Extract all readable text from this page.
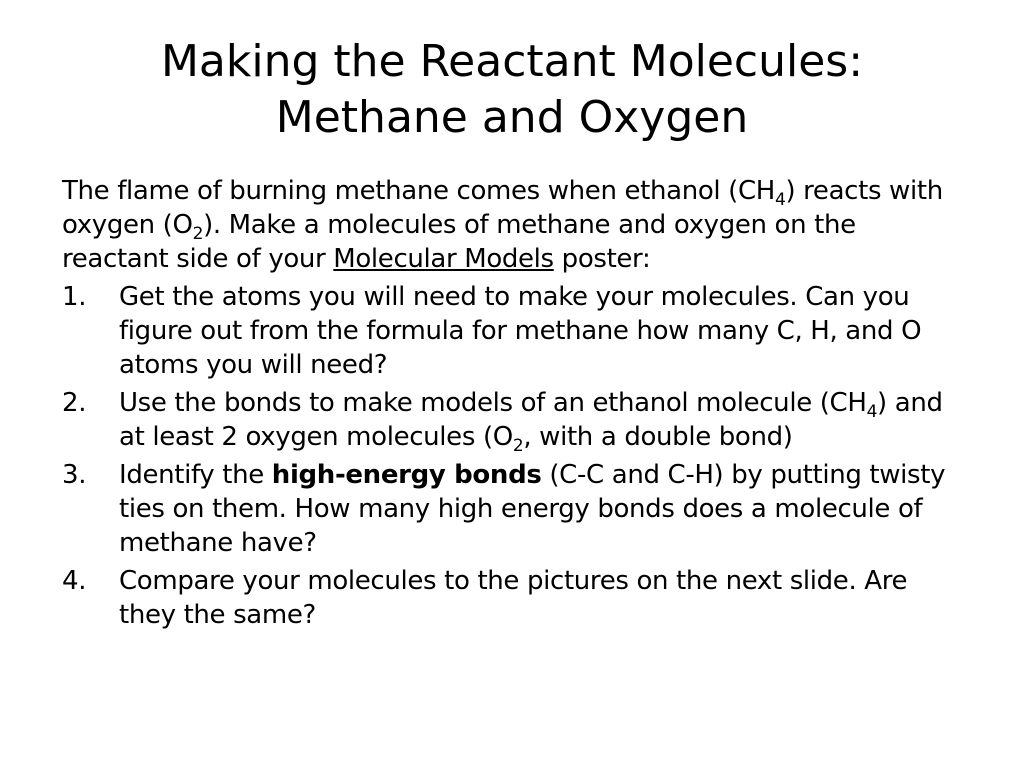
Making the Reactant Molecules:
Methane and Oxygen

The flame of burning methane comes when ethanol $(CH_4)$ reacts with oxygen $(O_2)$. Make a molecules of methane and oxygen on the reactant side of your Molecular Models poster:

1. Get the atoms you will need to make your molecules. Can you figure out from the formula for methane how many C, H, and O atoms you will need?
2. Use the bonds to make models of an ethanol molecule $(CH_4)$ and at least 2 oxygen molecules ($O_2$, with a double bond)
3. Identify the high-energy bonds (C-C and C-H) by putting twisty ties on them. How many high energy bonds does a molecule of methane have?
4. Compare your molecules to the pictures on the next slide. Are they the same?
